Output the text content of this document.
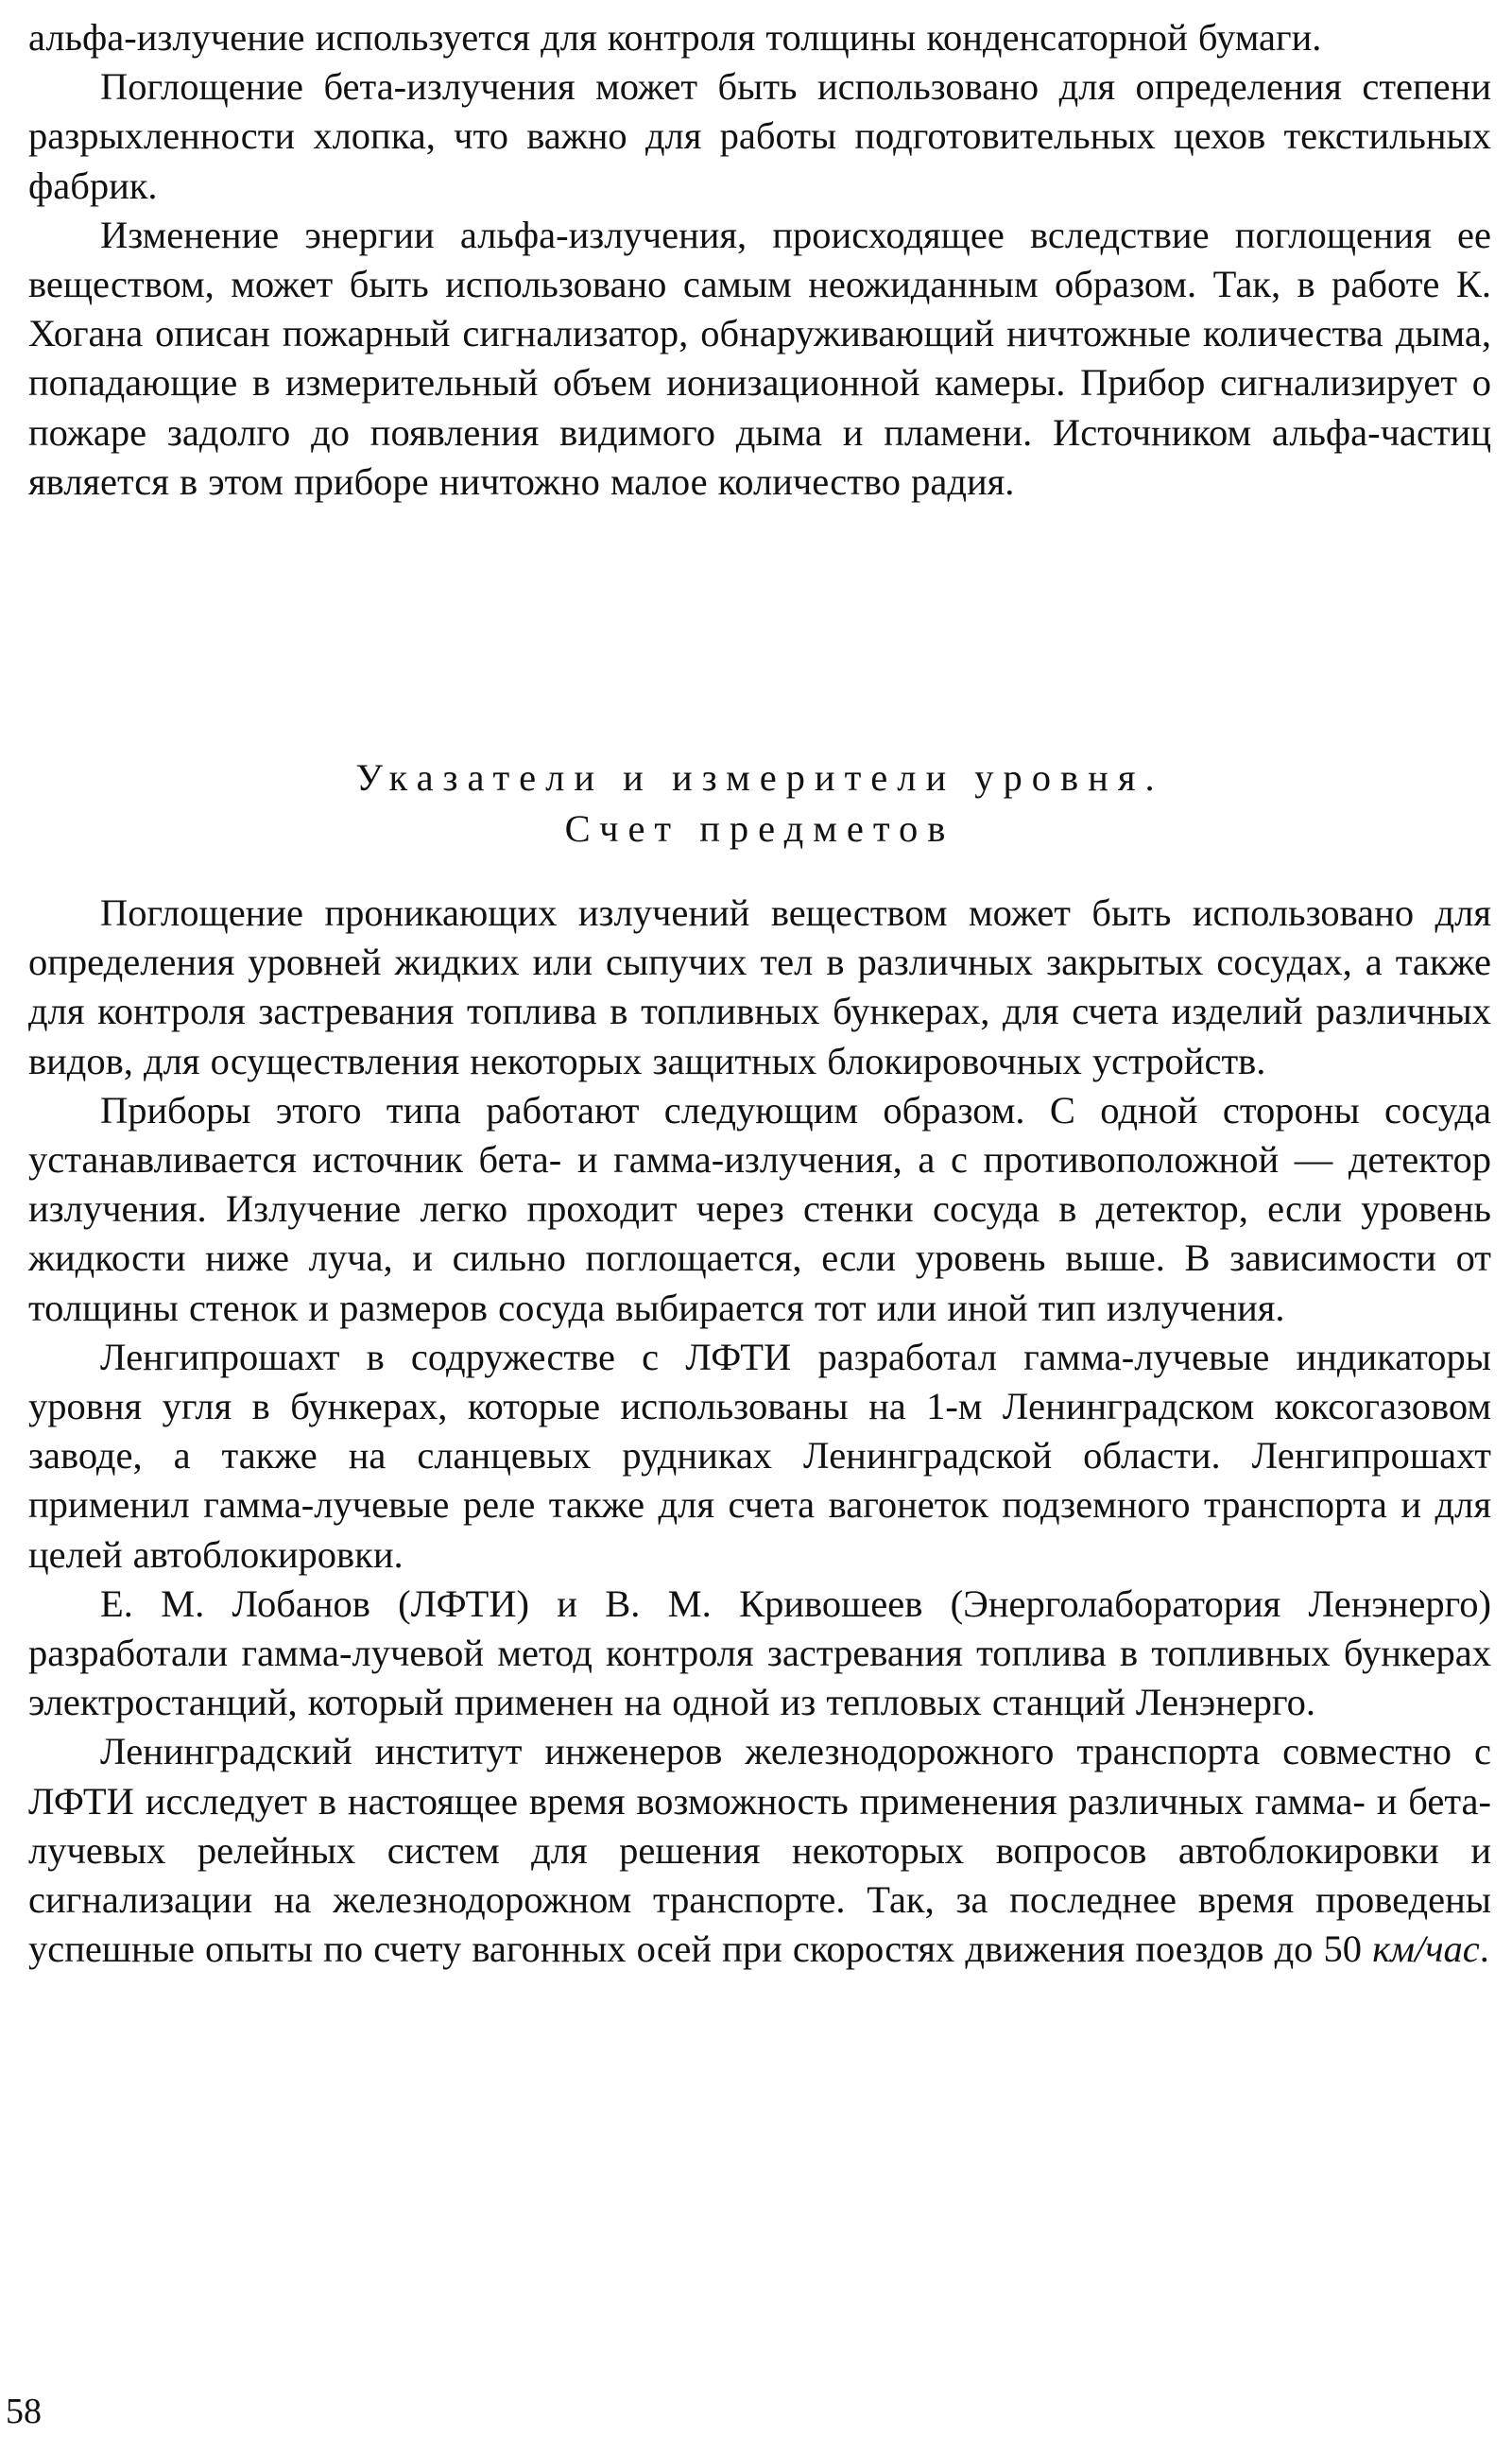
альфа-излучение используется для контроля толщины конденсаторной бумаги.

Поглощение бета-излучения может быть использовано для определения степени разрыхленности хлопка, что важно для работы подготовительных цехов текстильных фабрик.

Изменение энергии альфа-излучения, происходящее вследствие поглощения ее веществом, может быть использовано самым неожиданным образом. Так, в работе К. Хогана описан пожарный сигнализатор, обнаруживающий ничтожные количества дыма, попадающие в измерительный объем ионизационной камеры. Прибор сигнализирует о пожаре задолго до появления видимого дыма и пламени. Источником альфа-частиц является в этом приборе ничтожно малое количество радия.

Указатели и измерители уровня.

Счет предметов

Поглощение проникающих излучений веществом может быть использовано для определения уровней жидких или сыпучих тел в различных закрытых сосудах, а также для контроля застревания топлива в топливных бункерах, для счета изделий различных видов, для осуществления некоторых защитных блокировочных устройств.

Приборы этого типа работают следующим образом. С одной стороны сосуда устанавливается источник бета- и гамма-излучения, а с противоположной — детектор излучения. Излучение легко проходит через стенки сосуда в детектор, если уровень жидкости ниже луча, и сильно поглощается, если уровень выше. В зависимости от толщины стенок и размеров сосуда выбирается тот или иной тип излучения.

Ленгипрошахт в содружестве с ЛФТИ разработал гамма-лучевые индикаторы уровня угля в бункерах, которые использованы на 1-м Ленинградском коксогазовом заводе, а также на сланцевых рудниках Ленинградской области. Ленгипрошахт применил гамма-лучевые реле также для счета вагонеток подземного транспорта и для целей автоблокировки.

Е. М. Лобанов (ЛФТИ) и В. М. Кривошеев (Энерголаборатория Ленэнерго) разработали гамма-лучевой метод контроля застревания топлива в топливных бункерах электростанций, который применен на одной из тепловых станций Ленэнерго.

Ленинградский институт инженеров железнодорожного транспорта совместно с ЛФТИ исследует в настоящее время возможность применения различных гамма- и бета-лучевых релейных систем для решения некоторых вопросов автоблокировки и сигнализации на железнодорожном транспорте. Так, за последнее время проведены успешные опыты по счету вагонных осей при скоростях движения поездов до 50 км/час.

58
